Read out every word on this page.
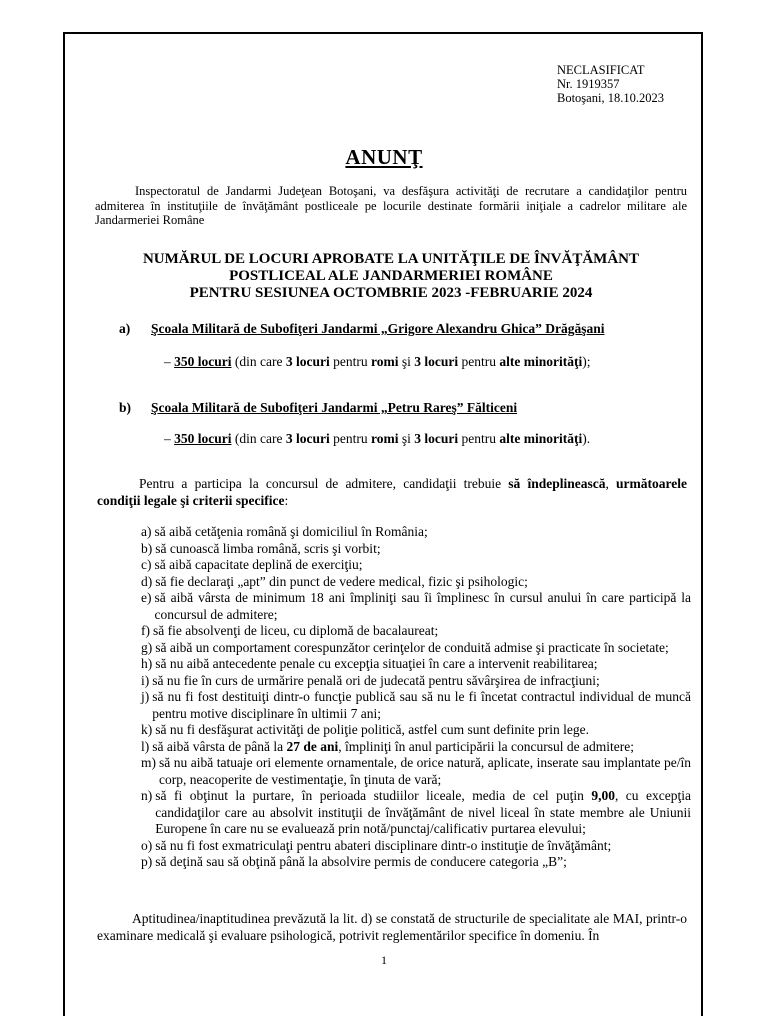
NECLASIFICAT
Nr. 1919357
Botoşani, 18.10.2023
ANUNŢ
Inspectoratul de Jandarmi Judeţean Botoşani, va desfăşura activităţi de recrutare a candidaţilor pentru admiterea în instituţiile de învăţământ postliceale pe locurile destinate formării iniţiale a cadrelor militare ale Jandarmeriei Române
NUMĂRUL DE LOCURI APROBATE LA UNITĂŢILE DE ÎNVĂŢĂMÂNT
POSTLICEAL ALE JANDARMERIEI ROMÂNE
PENTRU SESIUNEA OCTOMBRIE 2023 -FEBRUARIE 2024
a) Şcoala Militară de Subofiţeri Jandarmi „Grigore Alexandru Ghica” Drăgăşani
– 350 locuri (din care 3 locuri pentru romi şi 3 locuri pentru alte minorităţi);
b) Şcoala Militară de Subofiţeri Jandarmi „Petru Rareş” Fălticeni
– 350 locuri (din care 3 locuri pentru romi şi 3 locuri pentru alte minorităţi).
Pentru a participa la concursul de admitere, candidaţii trebuie să îndeplinească, următoarele condiţii legale şi criterii specifice:
a) să aibă cetăţenia română şi domiciliul în România;
b) să cunoască limba română, scris şi vorbit;
c) să aibă capacitate deplină de exerciţiu;
d) să fie declaraţi „apt” din punct de vedere medical, fizic şi psihologic;
e) să aibă vârsta de minimum 18 ani împliniţi sau îi împlinesc în cursul anului în care participă la concursul de admitere;
f) să fie absolvenţi de liceu, cu diplomă de bacalaureat;
g) să aibă un comportament corespunzător cerinţelor de conduită admise şi practicate în societate;
h) să nu aibă antecedente penale cu excepţia situaţiei în care a intervenit reabilitarea;
i) să nu fie în curs de urmărire penală ori de judecată pentru săvârşirea de infracţiuni;
j) să nu fi fost destituiţi dintr-o funcţie publică sau să nu le fi încetat contractul individual de muncă pentru motive disciplinare în ultimii 7 ani;
k) să nu fi desfăşurat activităţi de poliţie politică, astfel cum sunt definite prin lege.
l) să aibă vârsta de până la 27 de ani, împliniţi în anul participării la concursul de admitere;
m) să nu aibă tatuaje ori elemente ornamentale, de orice natură, aplicate, inserate sau implantate pe/în corp, neacoperite de vestimentaţie, în ţinuta de vară;
n) să fi obţinut la purtare, în perioada studiilor liceale, media de cel puţin 9,00, cu excepţia candidaţilor care au absolvit instituţii de învăţământ de nivel liceal în state membre ale Uniunii Europene în care nu se evaluează prin notă/punctaj/calificativ purtarea elevului;
o) să nu fi fost exmatriculaţi pentru abateri disciplinare dintr-o instituţie de învăţământ;
p) să deţină sau să obţină până la absolvire permis de conducere categoria „B”;
Aptitudinea/inaptitudinea prevăzută la lit. d) se constată de structurile de specialitate ale MAI, printr-o examinare medicală şi evaluare psihologică, potrivit reglementărilor specifice în domeniu. În
1
